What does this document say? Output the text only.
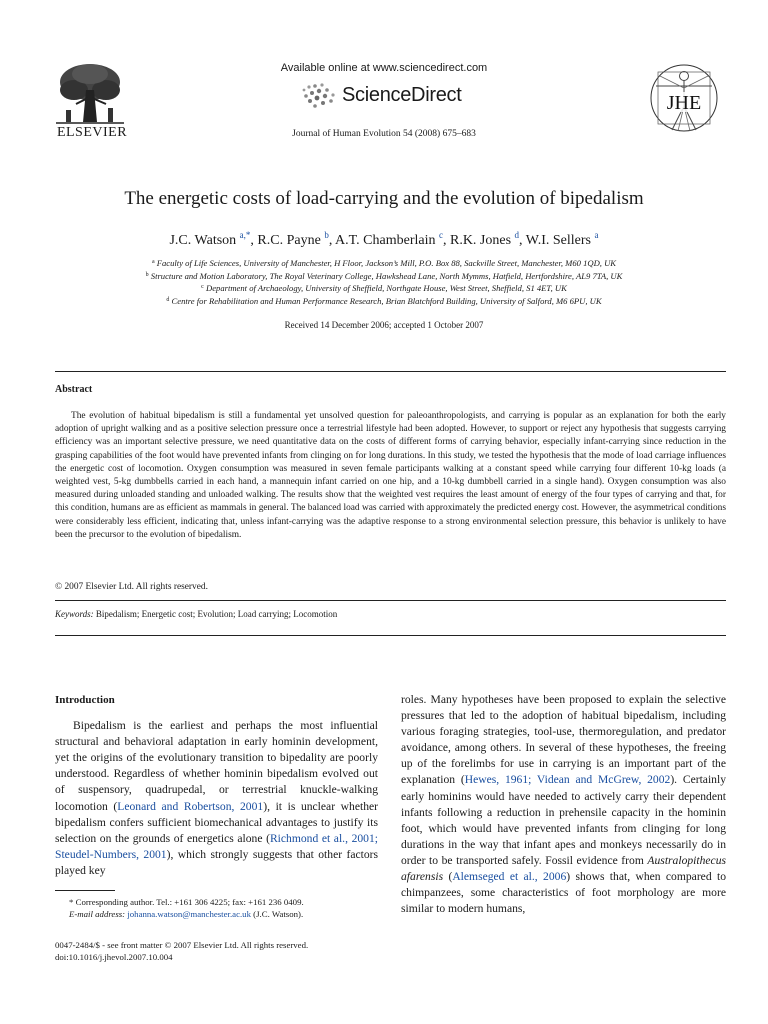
ELSEVIER
Available online at www.sciencedirect.com
ScienceDirect
Journal of Human Evolution 54 (2008) 675–683
JHE
The energetic costs of load-carrying and the evolution of bipedalism
J.C. Watson $^{a,*}$, R.C. Payne $^b$, A.T. Chamberlain $^c$, R.K. Jones $^d$, W.I. Sellers $^a$
$^a$ Faculty of Life Sciences, University of Manchester, H Floor, Jackson’s Mill, P.O. Box 88, Sackville Street, Manchester, M60 1QD, UK
$^b$ Structure and Motion Laboratory, The Royal Veterinary College, Hawkshead Lane, North Mymms, Hatfield, Hertfordshire, AL9 7TA, UK
$^c$ Department of Archaeology, University of Sheffield, Northgate House, West Street, Sheffield, S1 4ET, UK
$^d$ Centre for Rehabilitation and Human Performance Research, Brian Blatchford Building, University of Salford, M6 6PU, UK
Received 14 December 2006; accepted 1 October 2007
Abstract
The evolution of habitual bipedalism is still a fundamental yet unsolved question for paleoanthropologists, and carrying is popular as an explanation for both the early adoption of upright walking and as a positive selection pressure once a terrestrial lifestyle had been adopted. However, to support or reject any hypothesis that suggests carrying efficiency was an important selective pressure, we need quantitative data on the costs of different forms of carrying behavior, especially infant-carrying since reduction in the grasping capabilities of the foot would have prevented infants from clinging on for long durations. In this study, we tested the hypothesis that the mode of load carriage influences the energetic cost of locomotion. Oxygen consumption was measured in seven female participants walking at a constant speed while carrying four different 10-kg loads (a weighted vest, 5-kg dumbbells carried in each hand, a mannequin infant carried on one hip, and a 10-kg dumbbell carried in a single hand). Oxygen consumption was also measured during unloaded standing and unloaded walking. The results show that the weighted vest requires the least amount of energy of the four types of carrying and that, for this condition, humans are as efficient as mammals in general. The balanced load was carried with approximately the predicted energy cost. However, the asymmetrical conditions were considerably less efficient, indicating that, unless infant-carrying was the adaptive response to a strong environmental selection pressure, this behavior is unlikely to have been the precursor to the evolution of bipedalism.
© 2007 Elsevier Ltd. All rights reserved.
Keywords: Bipedalism; Energetic cost; Evolution; Load carrying; Locomotion
Introduction

Bipedalism is the earliest and perhaps the most influential structural and behavioral adaptation in early hominin development, yet the origins of the evolutionary transition to bipedality are poorly understood. Regardless of whether hominin bipedalism evolved out of suspensory, quadrupedal, or terrestrial knuckle-walking locomotion (Leonard and Robertson, 2001), it is unclear whether bipedalism confers sufficient biomechanical advantages to justify its selection on the grounds of energetics alone (Richmond et al., 2001; Steudel-Numbers, 2001), which strongly suggests that other factors played key

* Corresponding author. Tel.: +161 306 4225; fax: +161 236 0409.
E-mail address: johanna.watson@manchester.ac.uk (J.C. Watson).
0047-2484/$ - see front matter © 2007 Elsevier Ltd. All rights reserved.
doi:10.1016/j.jhevol.2007.10.004

roles. Many hypotheses have been proposed to explain the selective pressures that led to the adoption of habitual bipedalism, including various foraging strategies, tool-use, thermoregulation, and predator avoidance, among others. In several of these hypotheses, the freeing up of the forelimbs for use in carrying is an important part of the explanation (Hewes, 1961; Videan and McGrew, 2002). Certainly early hominins would have needed to actively carry their dependent infants following a reduction in prehensile capacity in the hominin foot, which would have prevented infants from clinging for long durations in the way that infant apes and monkeys necessarily do in order to be transported safely. Fossil evidence from Australopithecus afarensis (Alemseged et al., 2006) shows that, when compared to chimpanzees, some characteristics of foot morphology are more similar to modern humans,
